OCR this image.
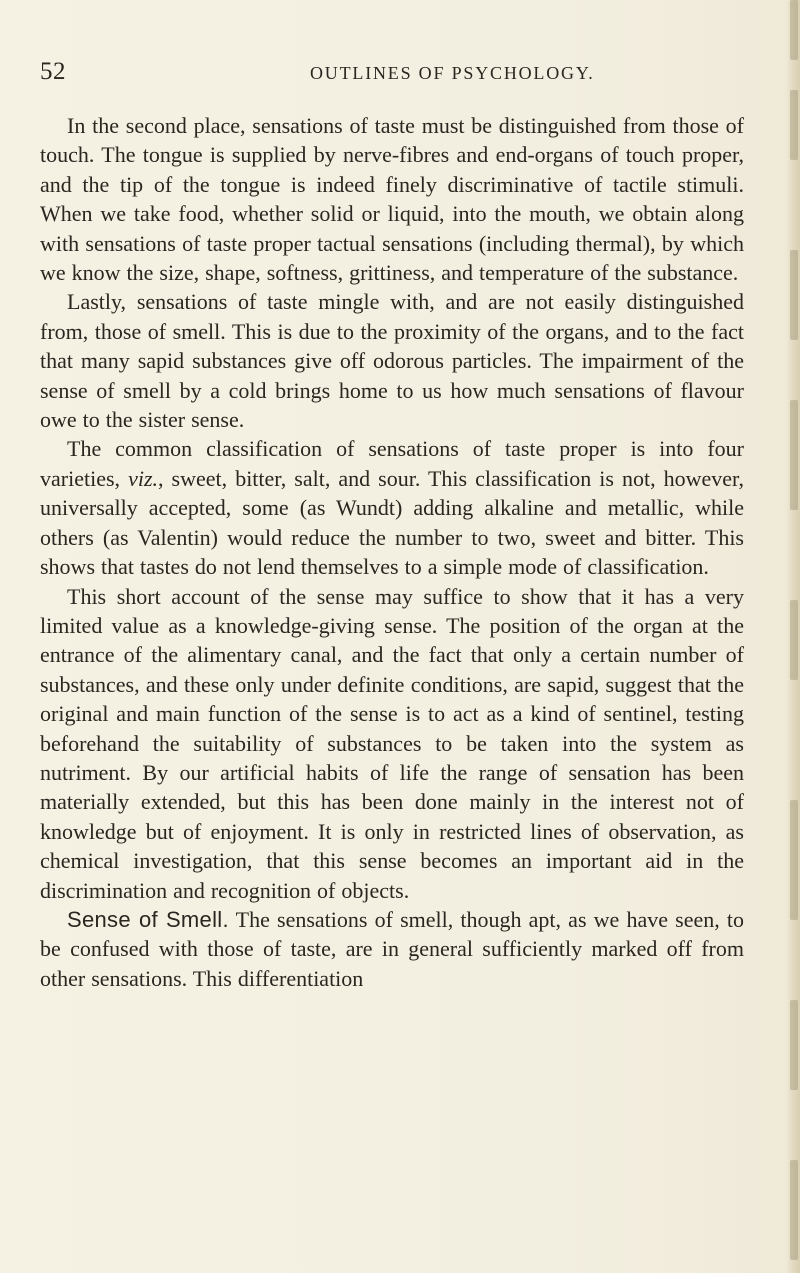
52	OUTLINES OF PSYCHOLOGY.

In the second place, sensations of taste must be distinguished from those of touch. The tongue is supplied by nerve-fibres and end-organs of touch proper, and the tip of the tongue is indeed finely discriminative of tactile stimuli. When we take food, whether solid or liquid, into the mouth, we obtain along with sensations of taste proper tactual sensations (including thermal), by which we know the size, shape, softness, grittiness, and temperature of the substance.

Lastly, sensations of taste mingle with, and are not easily distinguished from, those of smell. This is due to the proximity of the organs, and to the fact that many sapid substances give off odorous particles. The impairment of the sense of smell by a cold brings home to us how much sensations of flavour owe to the sister sense.

The common classification of sensations of taste proper is into four varieties, viz., sweet, bitter, salt, and sour. This classification is not, however, universally accepted, some (as Wundt) adding alkaline and metallic, while others (as Valentin) would reduce the number to two, sweet and bitter. This shows that tastes do not lend themselves to a simple mode of classification.

This short account of the sense may suffice to show that it has a very limited value as a knowledge-giving sense. The position of the organ at the entrance of the alimentary canal, and the fact that only a certain number of substances, and these only under definite conditions, are sapid, suggest that the original and main function of the sense is to act as a kind of sentinel, testing beforehand the suitability of substances to be taken into the system as nutriment. By our artificial habits of life the range of sensation has been materially extended, but this has been done mainly in the interest not of knowledge but of enjoyment. It is only in restricted lines of observation, as chemical investigation, that this sense becomes an important aid in the discrimination and recognition of objects.

Sense of Smell. The sensations of smell, though apt, as we have seen, to be confused with those of taste, are in general sufficiently marked off from other sensations. This differentiation
